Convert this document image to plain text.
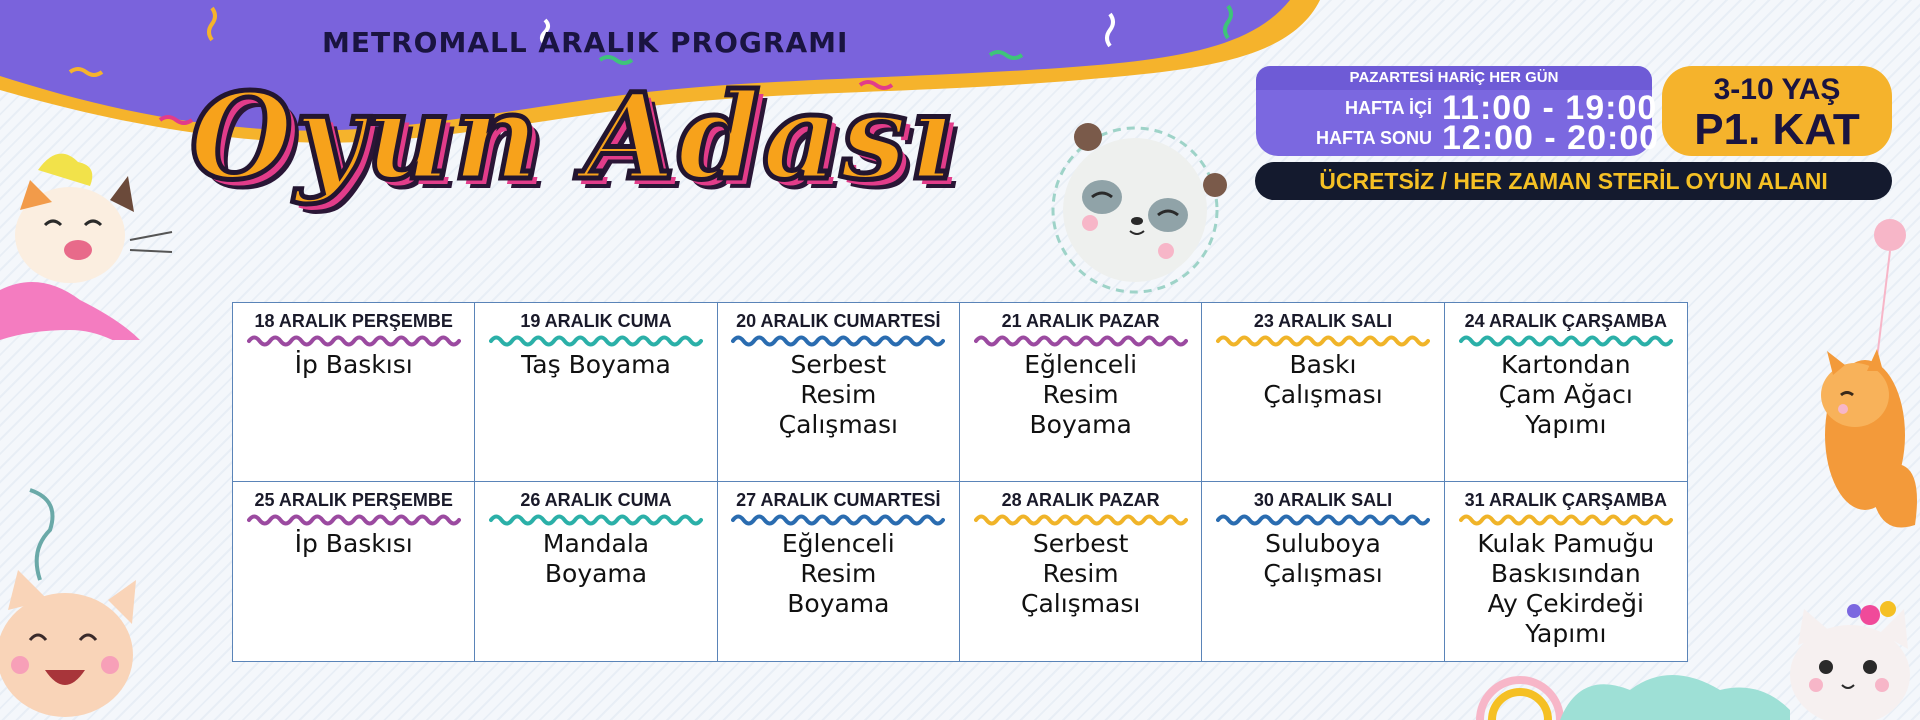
METROMALL ARALIK PROGRAMI
Oyun Adası	PAZARTESİ HARİÇ HER GÜN
HAFTA İÇİ 11:00 - 19:00
HAFTA SONU 12:00 - 20:00
3-10 YAŞ
P1. KAT
ÜCRETSİZ / HER ZAMAN STERİL OYUN ALANI
18 ARALIK PERŞEMBE
İp Baskısı
19 ARALIK CUMA
Taş Boyama
20 ARALIK CUMARTESİ
Serbest
Resim
Çalışması
21 ARALIK PAZAR
Eğlenceli
Resim
Boyama
23 ARALIK SALI
Baskı
Çalışması
24 ARALIK ÇARŞAMBA
Kartondan
Çam Ağacı
Yapımı
25 ARALIK PERŞEMBE
İp Baskısı
26 ARALIK CUMA
Mandala
Boyama
27 ARALIK CUMARTESİ
Eğlenceli
Resim
Boyama
28 ARALIK PAZAR
Serbest
Resim
Çalışması
30 ARALIK SALI
Suluboya
Çalışması
31 ARALIK ÇARŞAMBA
Kulak Pamuğu
Baskısından
Ay Çekirdeği Yapımı
